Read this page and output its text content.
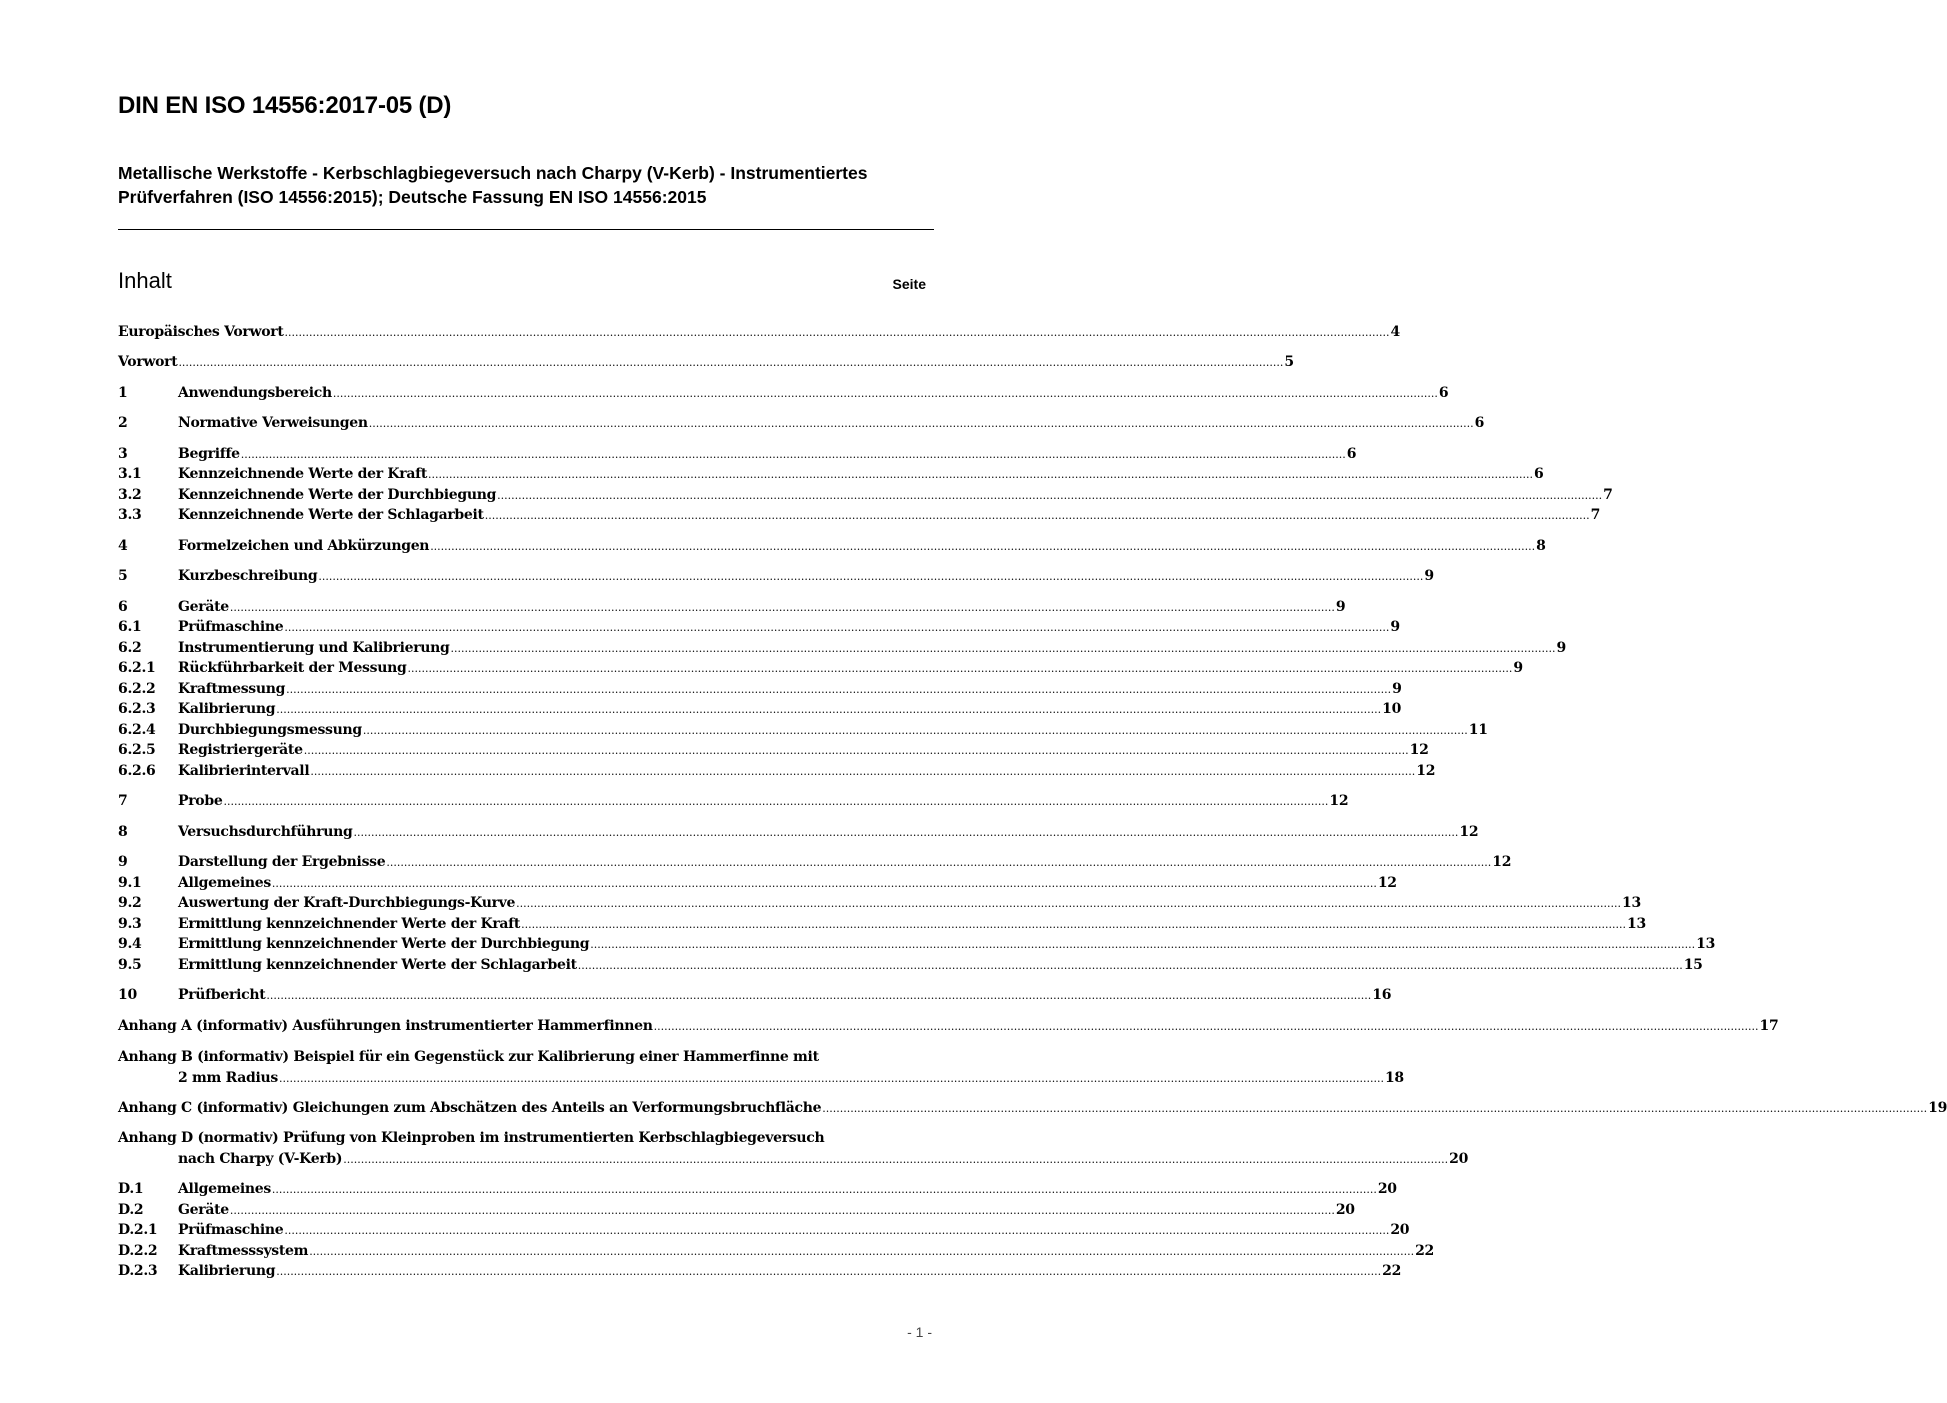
DIN EN ISO 14556:2017-05 (D)
Metallische Werkstoffe - Kerbschlagbiegeversuch nach Charpy (V-Kerb) - Instrumentiertes Prüfverfahren (ISO 14556:2015); Deutsche Fassung EN ISO 14556:2015
Inhalt	Seite
Europäisches Vorwort .....	4
Vorwort .....	5
1	Anwendungsbereich .....	6
2	Normative Verweisungen .....	6
3	Begriffe .....	6
3.1	Kennzeichnende Werte der Kraft .....	6
3.2	Kennzeichnende Werte der Durchbiegung .....	7
3.3	Kennzeichnende Werte der Schlagarbeit .....	7
4	Formelzeichen und Abkürzungen .....	8
5	Kurzbeschreibung .....	9
6	Geräte .....	9
6.1	Prüfmaschine .....	9
6.2	Instrumentierung und Kalibrierung .....	9
6.2.1	Rückführbarkeit der Messung .....	9
6.2.2	Kraftmessung .....	9
6.2.3	Kalibrierung .....	10
6.2.4	Durchbiegungsmessung .....	11
6.2.5	Registriergeräte .....	12
6.2.6	Kalibrierintervall .....	12
7	Probe .....	12
8	Versuchsdurchführung .....	12
9	Darstellung der Ergebnisse .....	12
9.1	Allgemeines .....	12
9.2	Auswertung der Kraft-Durchbiegungs-Kurve .....	13
9.3	Ermittlung kennzeichnender Werte der Kraft .....	13
9.4	Ermittlung kennzeichnender Werte der Durchbiegung .....	13
9.5	Ermittlung kennzeichnender Werte der Schlagarbeit .....	15
10	Prüfbericht .....	16
Anhang A (informativ) Ausführungen instrumentierter Hammerfinnen .....	17
Anhang B (informativ) Beispiel für ein Gegenstück zur Kalibrierung einer Hammerfinne mit
2 mm Radius .....	18
Anhang C (informativ) Gleichungen zum Abschätzen des Anteils an Verformungsbruchfläche .....	19
Anhang D (normativ) Prüfung von Kleinproben im instrumentierten Kerbschlagbiegeversuch
nach Charpy (V-Kerb) .....	20
D.1	Allgemeines .....	20
D.2	Geräte .....	20
D.2.1	Prüfmaschine .....	20
D.2.2	Kraftmesssystem .....	22
D.2.3	Kalibrierung .....	22
- 1 -
